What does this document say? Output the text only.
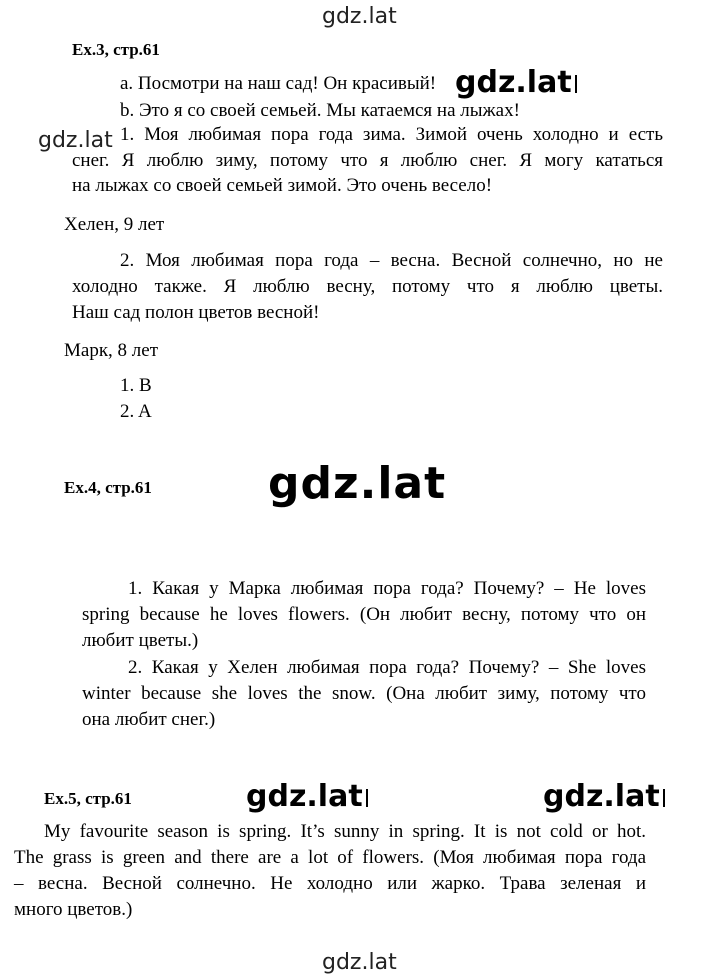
gdz.lat
gdz.lat
gdz.lat
gdz.lat
gdz.lat	gdz.lat
gdz.lat
Ex.3, стр.61
a. Посмотри на наш сад! Он красивый!
b. Это я со своей семьей. Мы катаемся на лыжах!
1. Моя любимая пора года зима. Зимой очень холодно и есть
снег. Я люблю зиму, потому что я люблю снег. Я могу кататься
на лыжах со своей семьей зимой. Это очень весело!
Хелен, 9 лет
2. Моя любимая пора года – весна. Весной солнечно, но не
холодно также. Я люблю весну, потому что я люблю цветы.
Наш сад полон цветов весной!
Марк, 8 лет
1. B
2. A
Ex.4, стр.61
1. Какая у Марка любимая пора года? Почему? – He loves
spring because he loves flowers. (Он любит весну, потому что он
любит цветы.)
2. Какая у Хелен любимая пора года? Почему? – She loves
winter because she loves the snow. (Она любит зиму, потому что
она любит снег.)
Ex.5, стр.61
My favourite season is spring. It’s sunny in spring. It is not cold or hot.
The grass is green and there are a lot of flowers. (Моя любимая пора года
– весна. Весной солнечно. Не холодно или жарко. Трава зеленая и
много цветов.)
